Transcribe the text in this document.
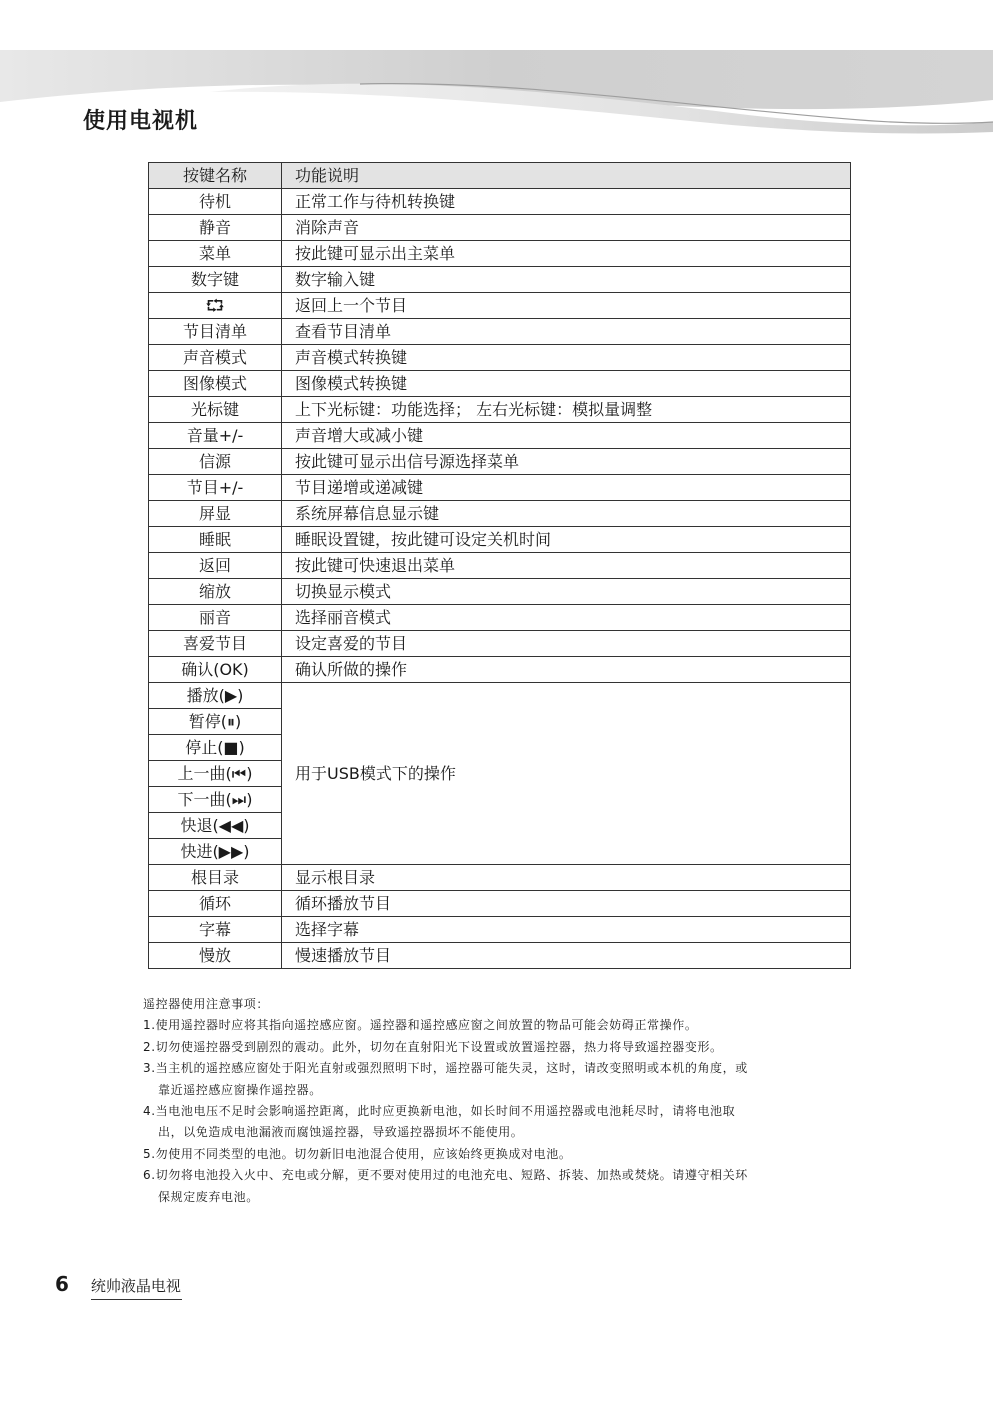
使用电视机
按键名称	功能说明
待机	正常工作与待机转换键
静音	消除声音
菜单	按此键可显示出主菜单
数字键	数字输入键
⮔	返回上一个节目
节目清单	查看节目清单
声音模式	声音模式转换键
图像模式	图像模式转换键
光标键	上下光标键：功能选择； 左右光标键：模拟量调整
音量+/-	声音增大或减小键
信源	按此键可显示出信号源选择菜单
节目+/-	节目递增或递减键
屏显	系统屏幕信息显示键
睡眠	睡眠设置键，按此键可设定关机时间
返回	按此键可快速退出菜单
缩放	切换显示模式
丽音	选择丽音模式
喜爱节目	设定喜爱的节目
确认(OK)	确认所做的操作
播放(▶)	用于USB模式下的操作
暂停(⏸)	
停止(■)	
上一曲(⏮)	
下一曲(⏭)	
快退(◀◀)	
快进(▶▶)	
根目录	显示根目录
循环	循环播放节目
字幕	选择字幕
慢放	慢速播放节目

遥控器使用注意事项：

1.使用遥控器时应将其指向遥控感应窗。遥控器和遥控感应窗之间放置的物品可能会妨碍正常操作。
2.切勿使遥控器受到剧烈的震动。此外，切勿在直射阳光下设置或放置遥控器，热力将导致遥控器变形。
3.当主机的遥控感应窗处于阳光直射或强烈照明下时，遥控器可能失灵，这时，请改变照明或本机的角度，或靠近遥控感应窗操作遥控器。
4.当电池电压不足时会影响遥控距离，此时应更换新电池，如长时间不用遥控器或电池耗尽时，请将电池取出，以免造成电池漏液而腐蚀遥控器，导致遥控器损坏不能使用。
5.勿使用不同类型的电池。切勿新旧电池混合使用，应该始终更换成对电池。
6.切勿将电池投入火中、充电或分解，更不要对使用过的电池充电、短路、拆装、加热或焚烧。请遵守相关环保规定废弃电池。
6 统帅液晶电视
